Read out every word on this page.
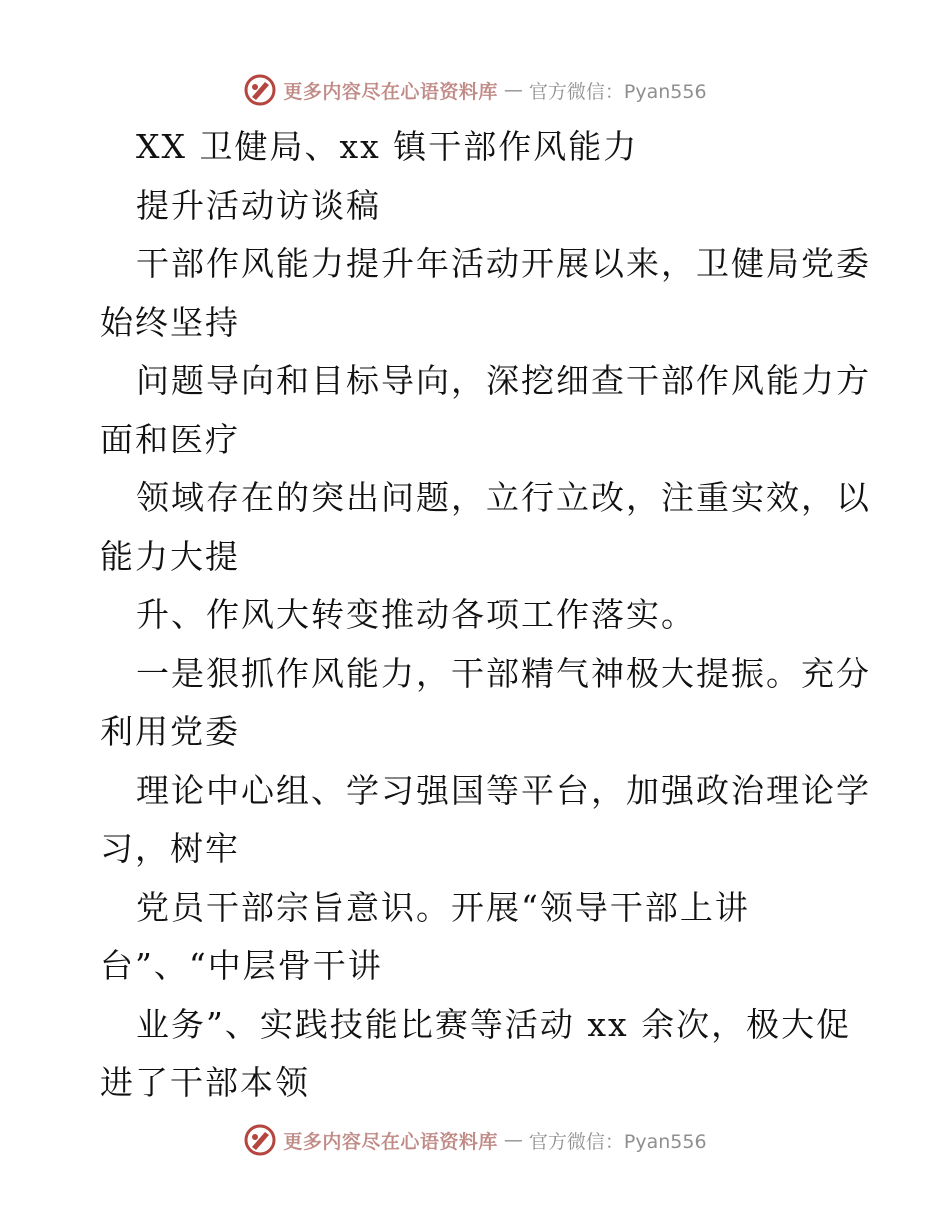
更多内容尽在心语资料库 — 官方微信：Pyan556
XX 卫健局、xx 镇干部作风能力
提升活动访谈稿
干部作风能力提升年活动开展以来，卫健局党委
始终坚持
问题导向和目标导向，深挖细查干部作风能力方
面和医疗
领域存在的突出问题，立行立改，注重实效，以
能力大提
升、作风大转变推动各项工作落实。
一是狠抓作风能力，干部精气神极大提振。充分
利用党委
理论中心组、学习强国等平台，加强政治理论学
习，树牢
党员干部宗旨意识。开展“领导干部上讲
台”、“中层骨干讲
业务”、实践技能比赛等活动 xx 余次，极大促
进了干部本领
更多内容尽在心语资料库 — 官方微信：Pyan556
